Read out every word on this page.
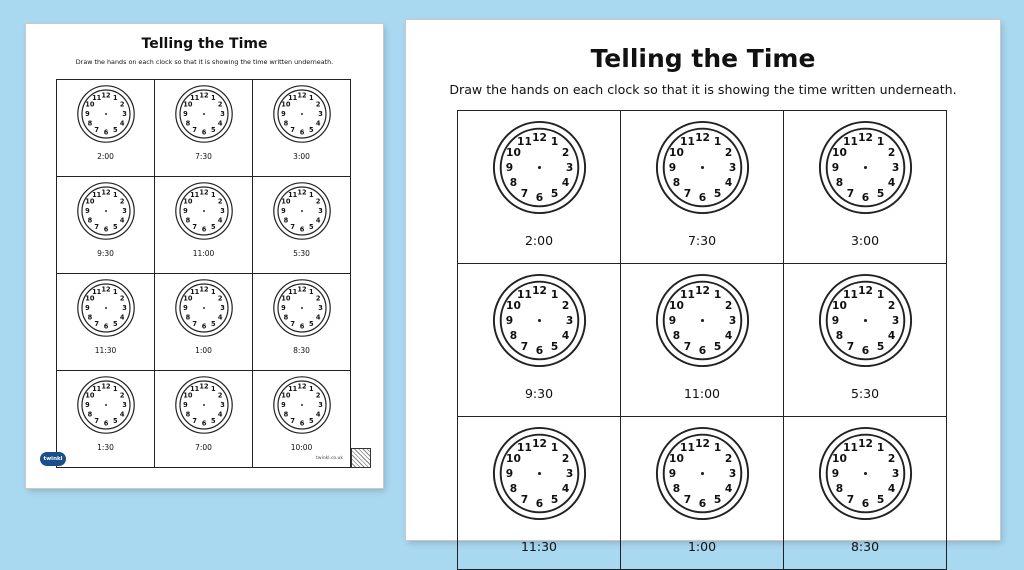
Telling the Time
Draw the hands on each clock so that it is showing the time written underneath.
12 1
2
3
4
5
6
7
8
9
10
11
2:00
12 1
2
3
4
5
6
7
8
9
10
11
7:30
12 1
2
3
4
5
6
7
8
9
10
11
3:00
12 1
2
3
4
5
6
7
8
9
10
11
9:30
12 1
2
3
4
5
6
7
8
9
10
11
11:00
12 1
2
3
4
5
6
7
8
9
10
11
5:30
12 1
2
3
4
5
6
7
8
9
10
11
11:30
12 1
2
3
4
5
6
7
8
9
10
11
1:00
12 1
2
3
4
5
6
7
8
9
10
11
8:30
12 1
2
3
4
5
6
7
8
9
10
11
1:30
12 1
2
3
4
5
6
7
8
9
10
11
7:00
12 1
2
3
4
5
6
7
8
9
10
11
10:00
twinkl	twinkl.co.uk
Telling the Time
Draw the hands on each clock so that it is showing the time written underneath.
12 1
2
3
4
5
6
7
8
9
10
11
2:00
12 1
2
3
4
5
6
7
8
9
10
11
7:30
12 1
2
3
4
5
6
7
8
9
10
11
3:00
12 1
2
3
4
5
6
7
8
9
10
11
9:30
12 1
2
3
4
5
6
7
8
9
10
11
11:00
12 1
2
3
4
5
6
7
8
9
10
11
5:30
12 1
2
3
4
5
6
7
8
9
10
11
11:30
12 1
2
3
4
5
6
7
8
9
10
11
1:00
12 1
2
3
4
5
6
7
8
9
10
11
8:30
